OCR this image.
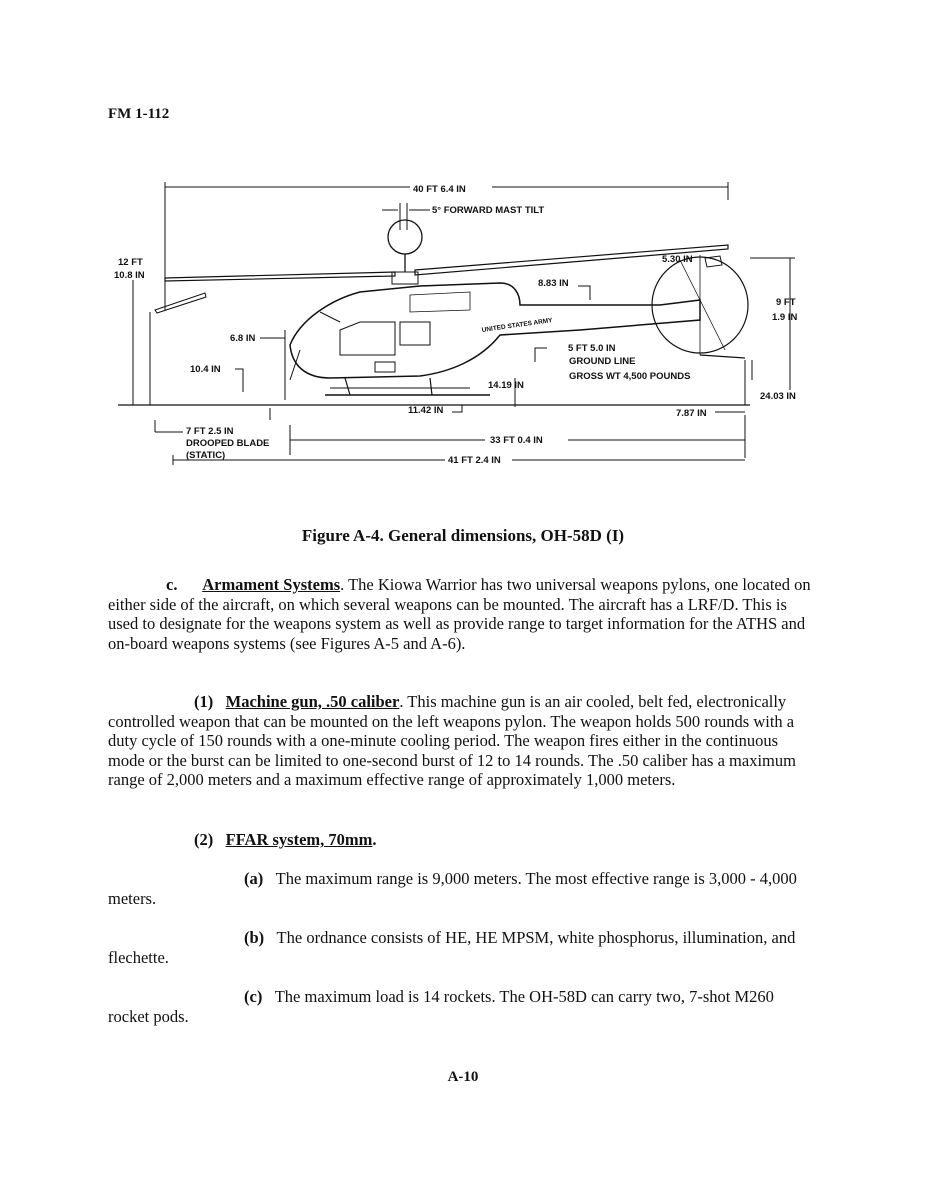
FM 1-112
40 FT 6.4 IN
5° FORWARD MAST TILT
12 FT
10.8 IN
5.30 IN
8.83 IN
9 FT
1.9 IN
6.8 IN
10.4 IN
5 FT 5.0 IN
GROUND LINE
GROSS WT 4,500 POUNDS
14.19 IN
24.03 IN
11.42 IN	7.87 IN
7 FT 2.5 IN
DROOPED BLADE
(STATIC)
33 FT 0.4 IN
41 FT 2.4 IN
UNITED STATES ARMY
Figure A-4. General dimensions, OH-58D (I)
c. Armament Systems. The Kiowa Warrior has two universal weapons pylons, one located on either side of the aircraft, on which several weapons can be mounted. The aircraft has a LRF/D. This is used to designate for the weapons system as well as provide range to target information for the ATHS and on-board weapons systems (see Figures A-5 and A-6).
(1) Machine gun, .50 caliber. This machine gun is an air cooled, belt fed, electronically controlled weapon that can be mounted on the left weapons pylon. The weapon holds 500 rounds with a duty cycle of 150 rounds with a one-minute cooling period. The weapon fires either in the continuous mode or the burst can be limited to one-second burst of 12 to 14 rounds. The .50 caliber has a maximum range of 2,000 meters and a maximum effective range of approximately 1,000 meters.
(2) FFAR system, 70mm.
(a) The maximum range is 9,000 meters. The most effective range is 3,000 - 4,000 meters.
(b) The ordnance consists of HE, HE MPSM, white phosphorus, illumination, and flechette.
(c) The maximum load is 14 rockets. The OH-58D can carry two, 7-shot M260 rocket pods.
A-10
